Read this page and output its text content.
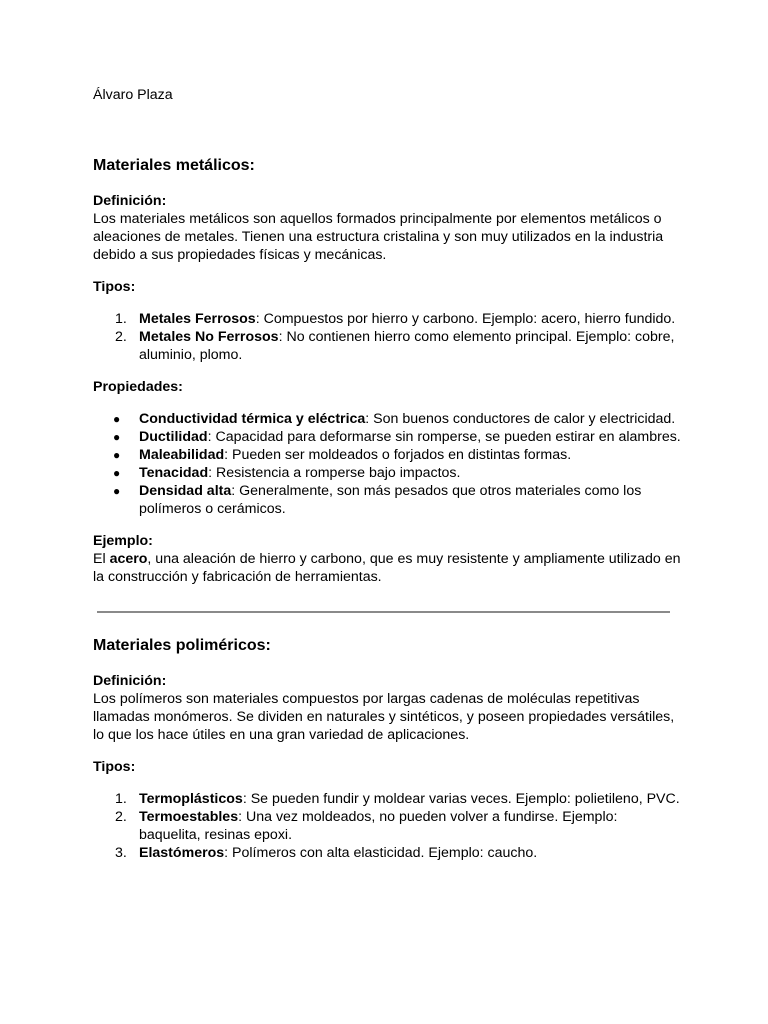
Álvaro Plaza

Materiales metálicos:

Definición:

Los materiales metálicos son aquellos formados principalmente por elementos metálicos o aleaciones de metales. Tienen una estructura cristalina y son muy utilizados en la industria debido a sus propiedades físicas y mecánicas.

Tipos:

1. Metales Ferrosos: Compuestos por hierro y carbono. Ejemplo: acero, hierro fundido.
2. Metales No Ferrosos: No contienen hierro como elemento principal. Ejemplo: cobre, aluminio, plomo.

Propiedades:

● Conductividad térmica y eléctrica: Son buenos conductores de calor y electricidad.
● Ductilidad: Capacidad para deformarse sin romperse, se pueden estirar en alambres.
● Maleabilidad: Pueden ser moldeados o forjados en distintas formas.
● Tenacidad: Resistencia a romperse bajo impactos.
● Densidad alta: Generalmente, son más pesados que otros materiales como los polímeros o cerámicos.

Ejemplo:

El acero, una aleación de hierro y carbono, que es muy resistente y ampliamente utilizado en la construcción y fabricación de herramientas.

Materiales poliméricos:

Definición:

Los polímeros son materiales compuestos por largas cadenas de moléculas repetitivas llamadas monómeros. Se dividen en naturales y sintéticos, y poseen propiedades versátiles, lo que los hace útiles en una gran variedad de aplicaciones.

Tipos:

1. Termoplásticos: Se pueden fundir y moldear varias veces. Ejemplo: polietileno, PVC.
2. Termoestables: Una vez moldeados, no pueden volver a fundirse. Ejemplo: baquelita, resinas epoxi.
3. Elastómeros: Polímeros con alta elasticidad. Ejemplo: caucho.
